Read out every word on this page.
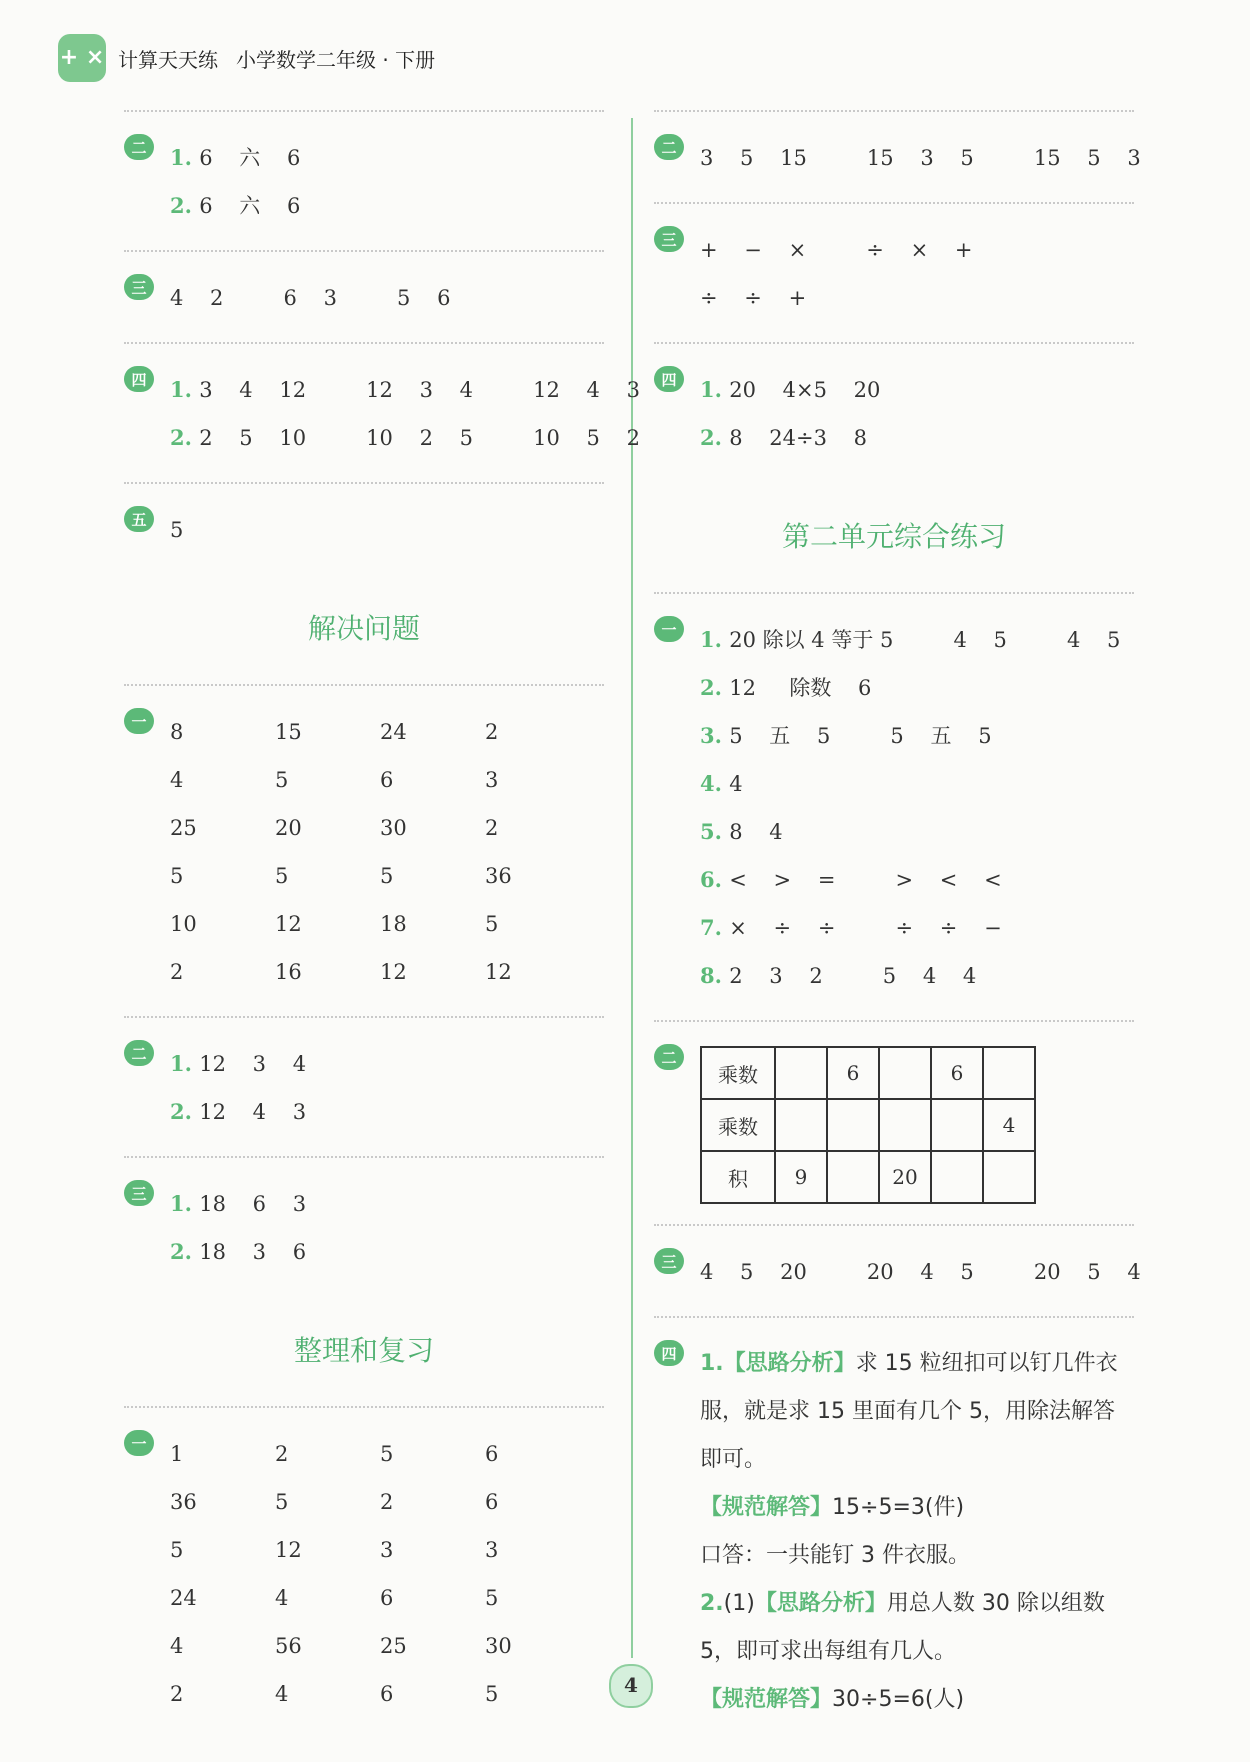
+ × 计算天天练 小学数学二年级 · 下册
二	1. 6    六    6
2. 6    六    6
三	4    2         6    3         5    6
四	1. 3    4    12         12    3    4         12    4    3
2. 2    5    10         10    2    5         10    5    2
五	5
解决问题
一	8	15	24	2
4	5	6	3
25	20	30	2
5	5	5	36
10	12	18	5
2	16	12	12
二	1. 12    3    4
2. 12    4    3
三	1. 18    6    3
2. 18    3    6
整理和复习
一	1	2	5	6
36	5	2	6
5	12	3	3
24	4	6	5
4	56	25	30
2	4	6	5
二	3    5    15         15    3    5         15    5    3
三	+    −    ×         ÷    ×    +
÷    ÷    +
四	1. 20    4×5    20
2. 8    24÷3    8
第二单元综合练习
一	1. 20 除以 4 等于 5         4    5         4    5
2. 12     除数    6
3. 5    五    5         5    五    5
4. 4
5. 8    4
6. <    >    =         >    <    <
7. ×    ÷    ÷         ÷    ÷    −
8. 2    3    2         5    4    4
二
乘数		6		6	
乘数					4
积	9		20		
三	4    5    20         20    4    5         20    5    4
四	1.【思路分析】求 15 粒纽扣可以钉几件衣服，就是求 15 里面有几个 5，用除法解答即可。
【规范解答】15÷5=3(件)
口答：一共能钉 3 件衣服。
2.(1)【思路分析】用总人数 30 除以组数 5，即可求出每组有几人。
【规范解答】30÷5=6(人)
4
